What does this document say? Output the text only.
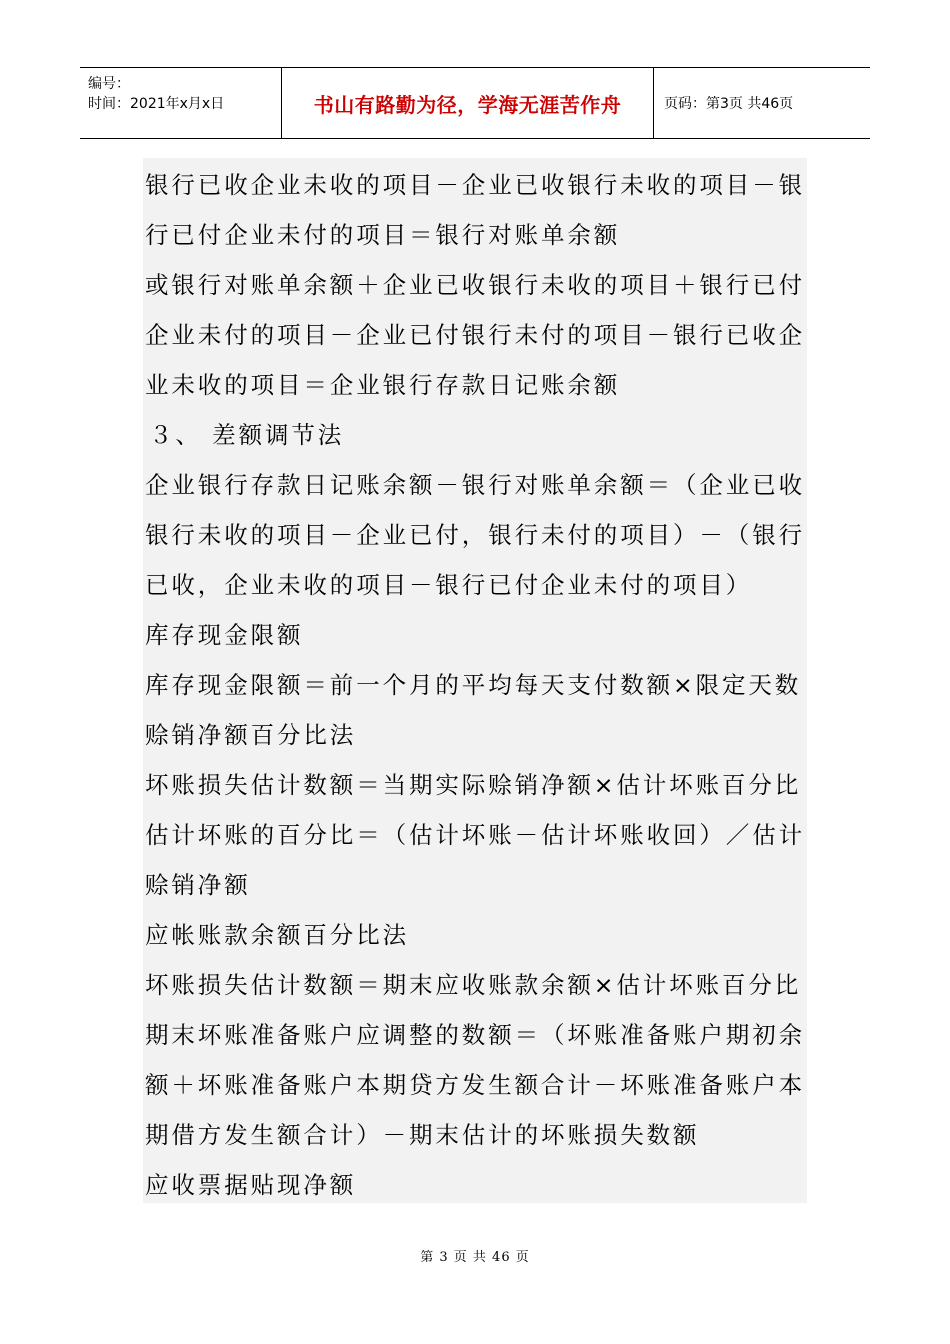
编号：
时间：2021年x月x日	书山有路勤为径，学海无涯苦作舟	页码：第3页 共46页
银行已收企业未收的项目－企业已收银行未收的项目－银
行已付企业未付的项目＝银行对账单余额
或银行对账单余额＋企业已收银行未收的项目＋银行已付
企业未付的项目－企业已付银行未付的项目－银行已收企
业未收的项目＝企业银行存款日记账余额
３、 差额调节法
企业银行存款日记账余额－银行对账单余额＝（企业已收
银行未收的项目－企业已付，银行未付的项目）－（银行
已收，企业未收的项目－银行已付企业未付的项目）
库存现金限额
库存现金限额＝前一个月的平均每天支付数额×限定天数
赊销净额百分比法
坏账损失估计数额＝当期实际赊销净额×估计坏账百分比
估计坏账的百分比＝（估计坏账－估计坏账收回）／估计
赊销净额
应帐账款余额百分比法
坏账损失估计数额＝期末应收账款余额×估计坏账百分比
期末坏账准备账户应调整的数额＝（坏账准备账户期初余
额＋坏账准备账户本期贷方发生额合计－坏账准备账户本
期借方发生额合计）－期末估计的坏账损失数额
应收票据贴现净额
第 3 页 共 46 页
